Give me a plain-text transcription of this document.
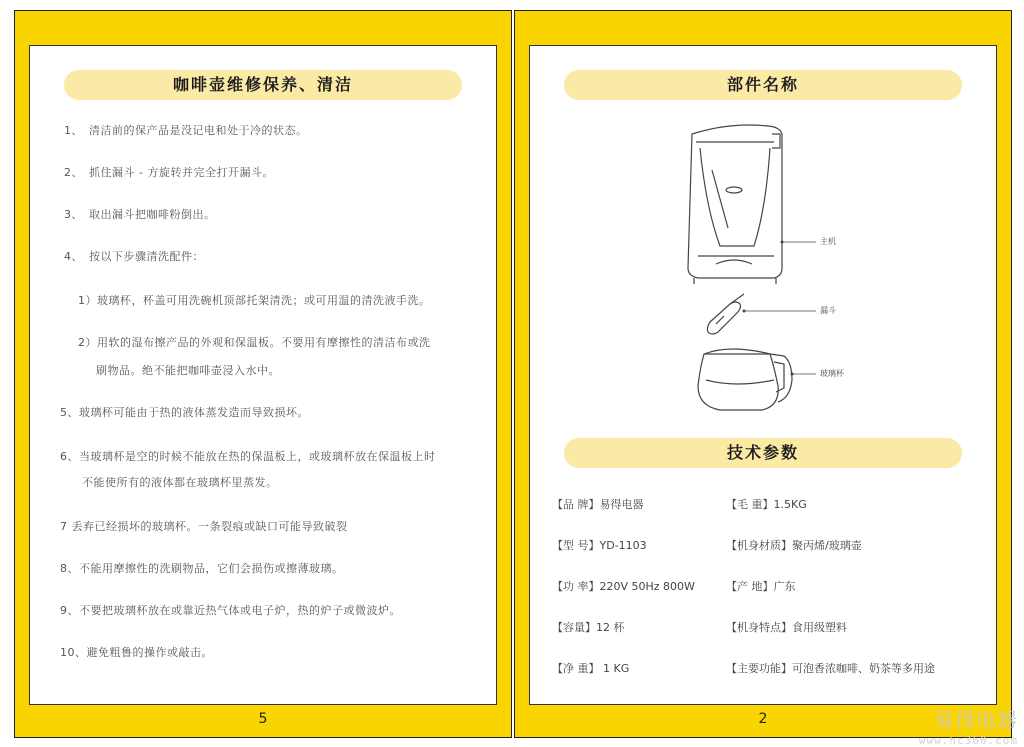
咖啡壶维修保养、清洁
1、　清洁前的保产品是没记电和处于冷的状态。
2、　抓住漏斗 - 方旋转并完全打开漏斗。
3、　取出漏斗把咖啡粉倒出。
4、　按以下步骤清洗配件：
1）玻璃杯，杯盖可用洗碗机顶部托架清洗；或可用温的清洗液手洗。
2）用软的湿布擦产品的外观和保温板。不要用有摩擦性的清洁布或洗
刷物品。绝不能把咖啡壶浸入水中。
5、玻璃杯可能由于热的液体蒸发造而导致损坏。
6、当玻璃杯是空的时候不能放在热的保温板上，或玻璃杯放在保温板上时
不能使所有的液体都在玻璃杯里蒸发。
7 丢弃已经损坏的玻璃杯。一条裂痕或缺口可能导致破裂
8、不能用摩擦性的洗刷物品，它们会损伤或擦薄玻璃。
9、不要把玻璃杯放在或靠近热气体或电子炉，热的炉子或微波炉。
10、避免粗鲁的操作或敲击。
5
部件名称
主机
漏斗
玻璃杯
技术参数
【品 牌】易得电器
【型 号】YD-1103
【功 率】220V 50Hz 800W
【容量】12 杯
【净 重】 1 KG
【毛 重】1.5KG
【机身材质】聚丙烯/玻璃壶
【产 地】广东
【机身特点】食用级塑料
【主要功能】可泡香浓咖啡、奶茶等多用途
2	易得电器
www.hc360.com
